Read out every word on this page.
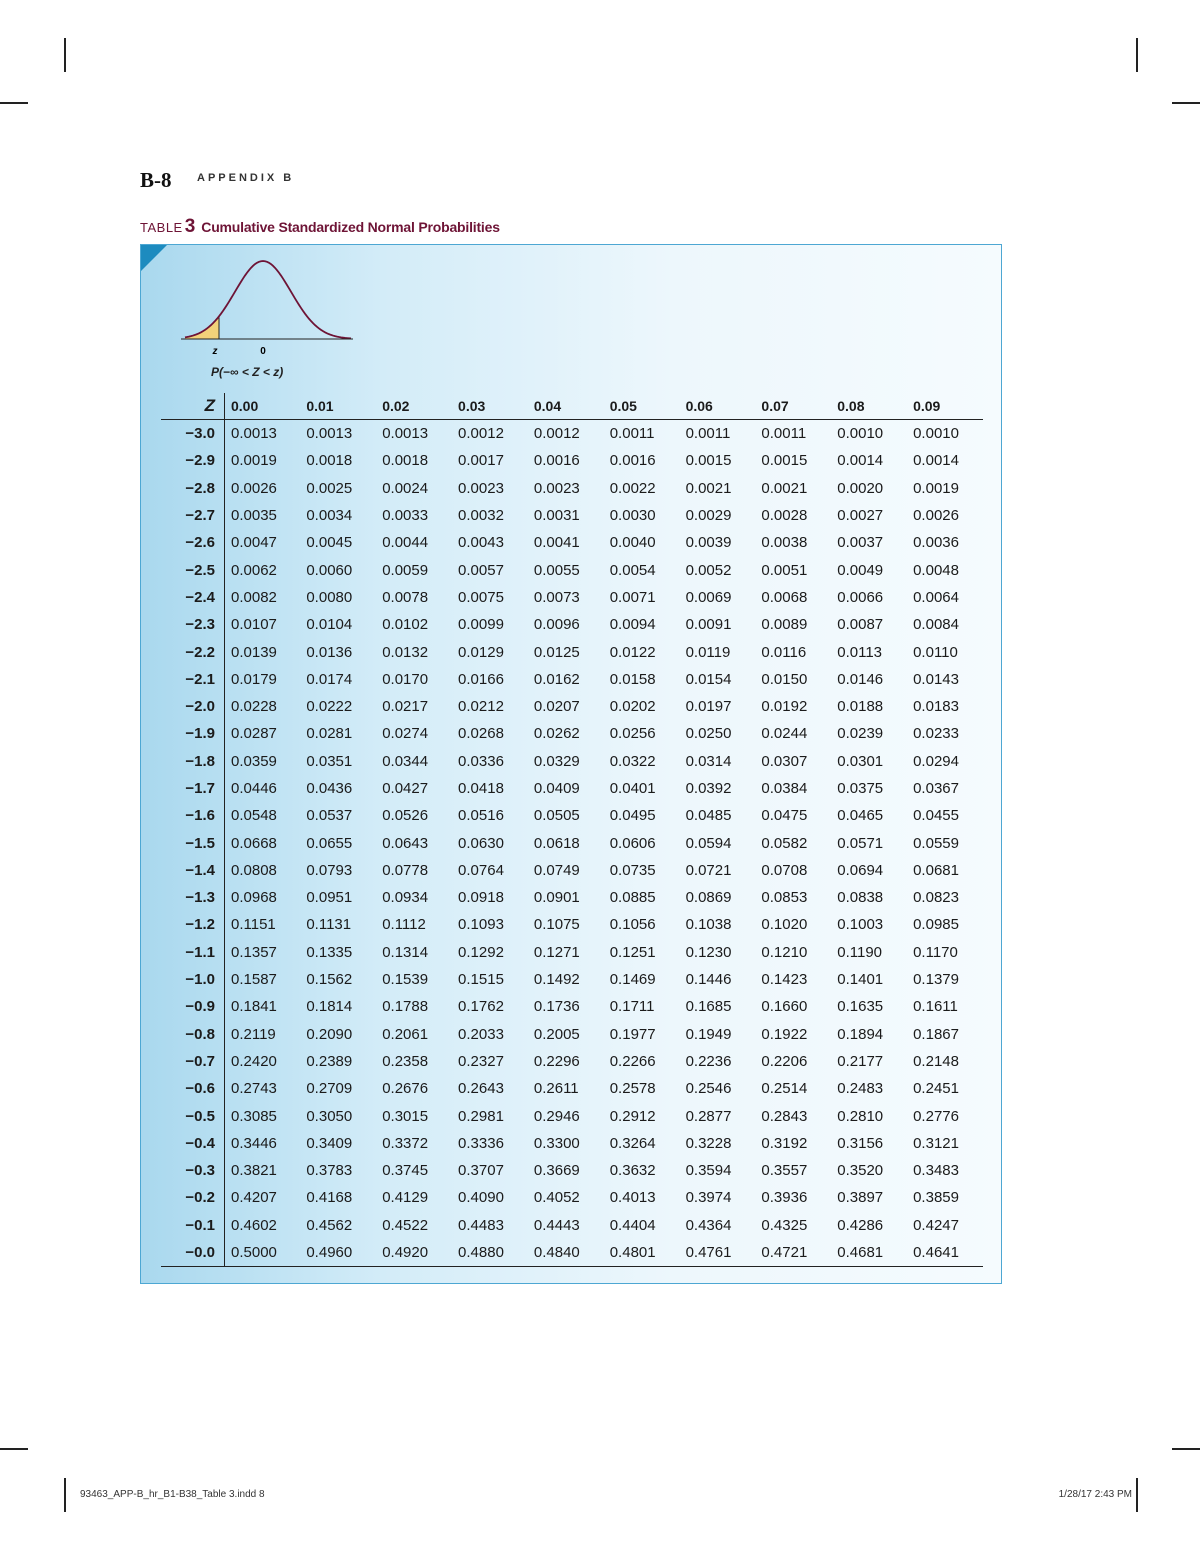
B-8 APPENDIX B
TABLE 3 Cumulative Standardized Normal Probabilities
z	0
P(−∞ < Z < z)
Z	0.00	0.01	0.02	0.03	0.04	0.05	0.06	0.07	0.08	0.09
−3.0	0.0013	0.0013	0.0013	0.0012	0.0012	0.0011	0.0011	0.0011	0.0010	0.0010
−2.9	0.0019	0.0018	0.0018	0.0017	0.0016	0.0016	0.0015	0.0015	0.0014	0.0014
−2.8	0.0026	0.0025	0.0024	0.0023	0.0023	0.0022	0.0021	0.0021	0.0020	0.0019
−2.7	0.0035	0.0034	0.0033	0.0032	0.0031	0.0030	0.0029	0.0028	0.0027	0.0026
−2.6	0.0047	0.0045	0.0044	0.0043	0.0041	0.0040	0.0039	0.0038	0.0037	0.0036
−2.5	0.0062	0.0060	0.0059	0.0057	0.0055	0.0054	0.0052	0.0051	0.0049	0.0048
−2.4	0.0082	0.0080	0.0078	0.0075	0.0073	0.0071	0.0069	0.0068	0.0066	0.0064
−2.3	0.0107	0.0104	0.0102	0.0099	0.0096	0.0094	0.0091	0.0089	0.0087	0.0084
−2.2	0.0139	0.0136	0.0132	0.0129	0.0125	0.0122	0.0119	0.0116	0.0113	0.0110
−2.1	0.0179	0.0174	0.0170	0.0166	0.0162	0.0158	0.0154	0.0150	0.0146	0.0143
−2.0	0.0228	0.0222	0.0217	0.0212	0.0207	0.0202	0.0197	0.0192	0.0188	0.0183
−1.9	0.0287	0.0281	0.0274	0.0268	0.0262	0.0256	0.0250	0.0244	0.0239	0.0233
−1.8	0.0359	0.0351	0.0344	0.0336	0.0329	0.0322	0.0314	0.0307	0.0301	0.0294
−1.7	0.0446	0.0436	0.0427	0.0418	0.0409	0.0401	0.0392	0.0384	0.0375	0.0367
−1.6	0.0548	0.0537	0.0526	0.0516	0.0505	0.0495	0.0485	0.0475	0.0465	0.0455
−1.5	0.0668	0.0655	0.0643	0.0630	0.0618	0.0606	0.0594	0.0582	0.0571	0.0559
−1.4	0.0808	0.0793	0.0778	0.0764	0.0749	0.0735	0.0721	0.0708	0.0694	0.0681
−1.3	0.0968	0.0951	0.0934	0.0918	0.0901	0.0885	0.0869	0.0853	0.0838	0.0823
−1.2	0.1151	0.1131	0.1112	0.1093	0.1075	0.1056	0.1038	0.1020	0.1003	0.0985
−1.1	0.1357	0.1335	0.1314	0.1292	0.1271	0.1251	0.1230	0.1210	0.1190	0.1170
−1.0	0.1587	0.1562	0.1539	0.1515	0.1492	0.1469	0.1446	0.1423	0.1401	0.1379
−0.9	0.1841	0.1814	0.1788	0.1762	0.1736	0.1711	0.1685	0.1660	0.1635	0.1611
−0.8	0.2119	0.2090	0.2061	0.2033	0.2005	0.1977	0.1949	0.1922	0.1894	0.1867
−0.7	0.2420	0.2389	0.2358	0.2327	0.2296	0.2266	0.2236	0.2206	0.2177	0.2148
−0.6	0.2743	0.2709	0.2676	0.2643	0.2611	0.2578	0.2546	0.2514	0.2483	0.2451
−0.5	0.3085	0.3050	0.3015	0.2981	0.2946	0.2912	0.2877	0.2843	0.2810	0.2776
−0.4	0.3446	0.3409	0.3372	0.3336	0.3300	0.3264	0.3228	0.3192	0.3156	0.3121
−0.3	0.3821	0.3783	0.3745	0.3707	0.3669	0.3632	0.3594	0.3557	0.3520	0.3483
−0.2	0.4207	0.4168	0.4129	0.4090	0.4052	0.4013	0.3974	0.3936	0.3897	0.3859
−0.1	0.4602	0.4562	0.4522	0.4483	0.4443	0.4404	0.4364	0.4325	0.4286	0.4247
−0.0	0.5000	0.4960	0.4920	0.4880	0.4840	0.4801	0.4761	0.4721	0.4681	0.4641
93463_APP-B_hr_B1-B38_Table 3.indd 8	1/28/17 2:43 PM
